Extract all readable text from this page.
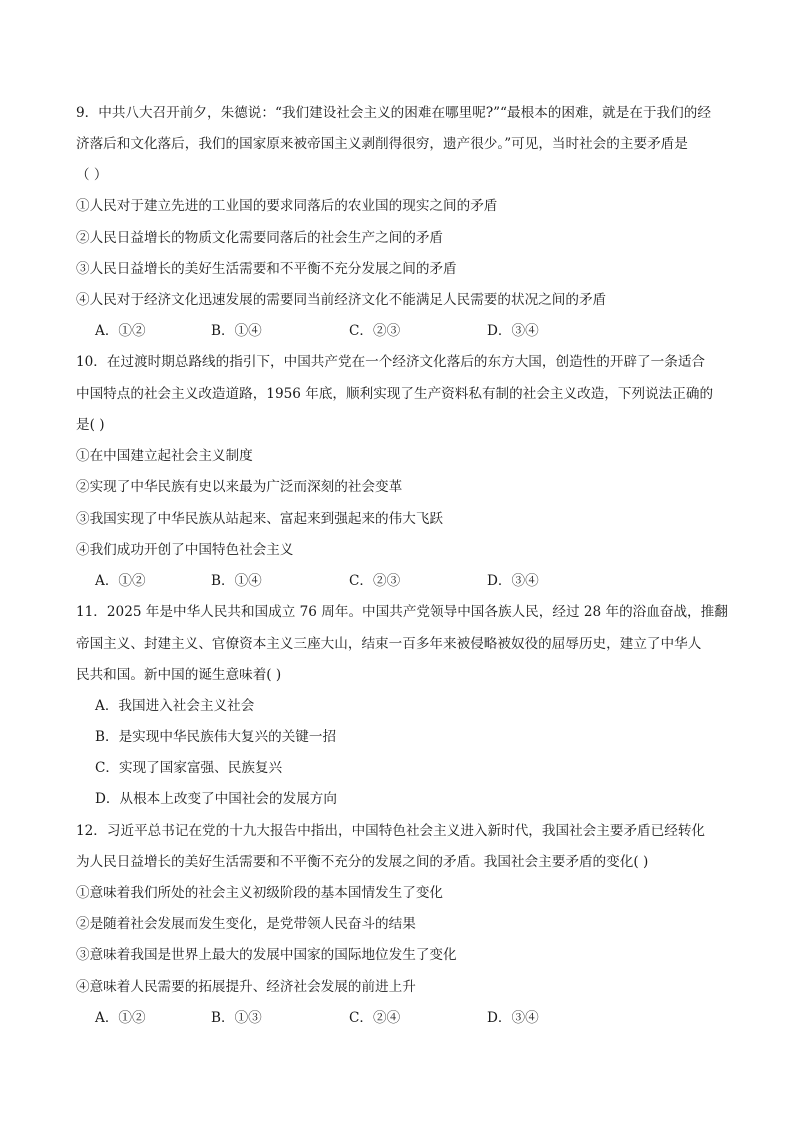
9．中共八大召开前夕，朱德说：“我们建设社会主义的困难在哪里呢?”“最根本的困难，就是在于我们的经
济落后和文化落后，我们的国家原来被帝国主义剥削得很穷，遗产很少。”可见，当时社会的主要矛盾是
（ ）
①人民对于建立先进的工业国的要求同落后的农业国的现实之间的矛盾
②人民日益增长的物质文化需要同落后的社会生产之间的矛盾
③人民日益增长的美好生活需要和不平衡不充分发展之间的矛盾
④人民对于经济文化迅速发展的需要同当前经济文化不能满足人民需要的状况之间的矛盾
A．①②	B．①④	C．②③	D．③④
10．在过渡时期总路线的指引下，中国共产党在一个经济文化落后的东方大国，创造性的开辟了一条适合
中国特点的社会主义改造道路，1956 年底，顺利实现了生产资料私有制的社会主义改造，下列说法正确的
是( )
①在中国建立起社会主义制度
②实现了中华民族有史以来最为广泛而深刻的社会变革
③我国实现了中华民族从站起来、富起来到强起来的伟大飞跃
④我们成功开创了中国特色社会主义
A．①②	B．①④	C．②③	D．③④
11．2025 年是中华人民共和国成立 76 周年。中国共产党领导中国各族人民，经过 28 年的浴血奋战，推翻
帝国主义、封建主义、官僚资本主义三座大山，结束一百多年来被侵略被奴役的屈辱历史，建立了中华人
民共和国。新中国的诞生意味着( )
A．我国进入社会主义社会
B．是实现中华民族伟大复兴的关键一招
C．实现了国家富强、民族复兴
D．从根本上改变了中国社会的发展方向
12．习近平总书记在党的十九大报告中指出，中国特色社会主义进入新时代，我国社会主要矛盾已经转化
为人民日益增长的美好生活需要和不平衡不充分的发展之间的矛盾。我国社会主要矛盾的变化( )
①意味着我们所处的社会主义初级阶段的基本国情发生了变化
②是随着社会发展而发生变化，是党带领人民奋斗的结果
③意味着我国是世界上最大的发展中国家的国际地位发生了变化
④意味着人民需要的拓展提升、经济社会发展的前进上升
A．①②	B．①③	C．②④	D．③④
